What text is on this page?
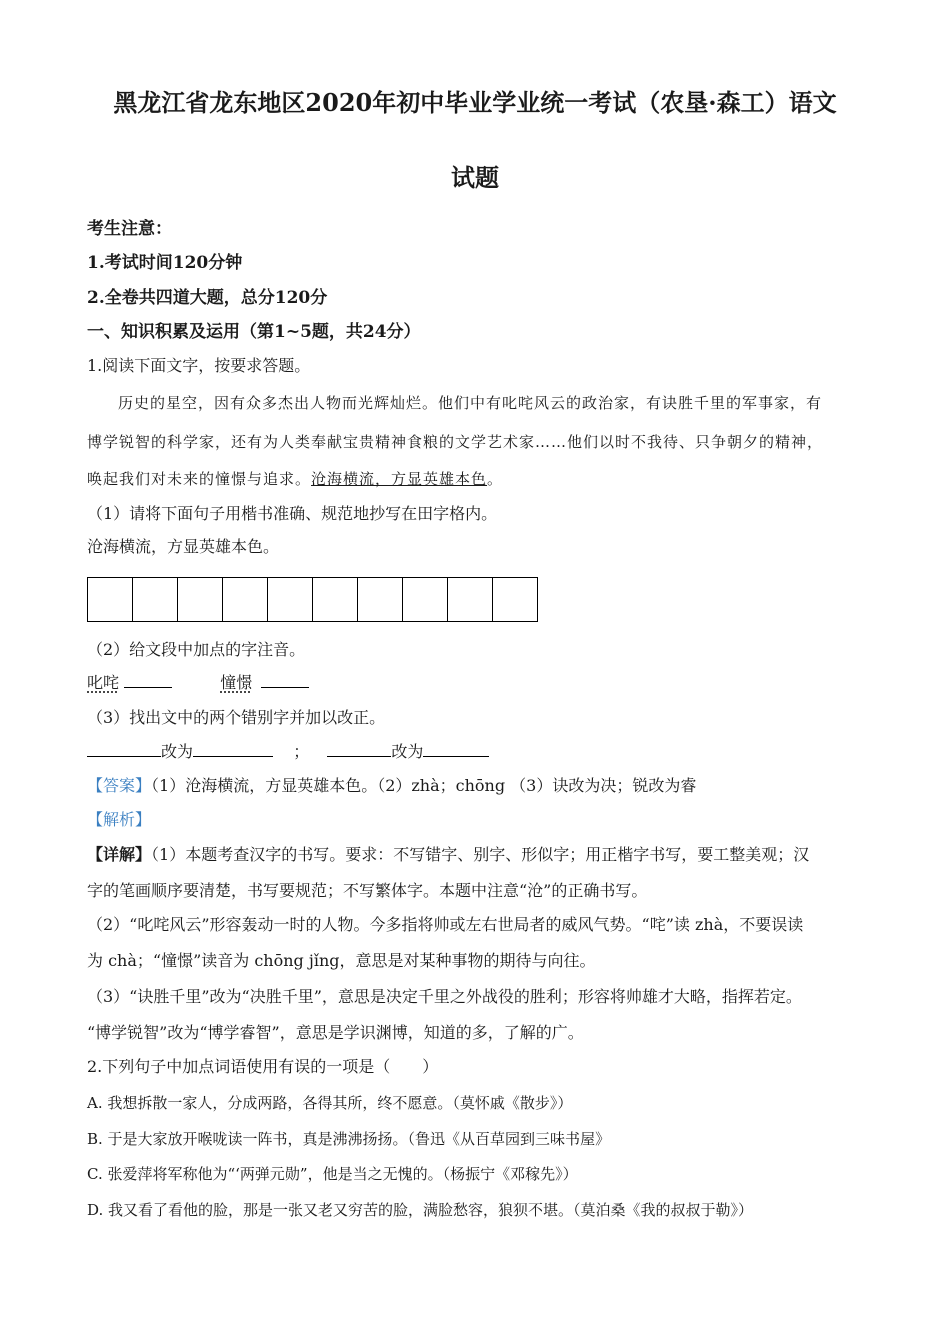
黑龙江省龙东地区2020年初中毕业学业统一考试（农垦·森工）语文
试题
考生注意：
1.考试时间120分钟
2.全卷共四道大题，总分120分
一、知识积累及运用（第1~5题，共24分）
1.阅读下面文字，按要求答题。
历史的星空，因有众多杰出人物而光辉灿烂。他们中有叱咤风云的政治家，有诀胜千里的军事家，有
博学锐智的科学家，还有为人类奉献宝贵精神食粮的文学艺术家……他们以时不我待、只争朝夕的精神，
唤起我们对未来的憧憬与追求。沧海横流，方显英雄本色。
（1）请将下面句子用楷书准确、规范地抄写在田字格内。
沧海横流，方显英雄本色。
（2）给文段中加点的字注音。
叱咤	憧憬
（3）找出文中的两个错别字并加以改正。
改为	；	改为
【答案】（1）沧海横流，方显英雄本色。（2）zhà；chōng （3）诀改为决；锐改为睿
【解析】
【详解】（1）本题考查汉字的书写。要求：不写错字、别字、形似字；用正楷字书写，要工整美观；汉
字的笔画顺序要清楚，书写要规范；不写繁体字。本题中注意“沧”的正确书写。
（2）“叱咤风云”形容轰动一时的人物。今多指将帅或左右世局者的威风气势。“咤”读 zhà，不要误读
为 chà；“憧憬”读音为 chōng jǐng，意思是对某种事物的期待与向往。
（3）“诀胜千里”改为“决胜千里”，意思是决定千里之外战役的胜利；形容将帅雄才大略，指挥若定。
“博学锐智”改为“博学睿智”，意思是学识渊博，知道的多，了解的广。
2.下列句子中加点词语使用有误的一项是（　　）
A. 我想拆散一家人，分成两路，各得其所，终不愿意。（莫怀戚《散步》）
B. 于是大家放开喉咙读一阵书，真是沸沸扬扬。（鲁迅《从百草园到三味书屋》
C. 张爱萍将军称他为“‘两弹元勋”，他是当之无愧的。（杨振宁《邓稼先》）
D. 我又看了看他的脸，那是一张又老又穷苦的脸，满脸愁容，狼狈不堪。（莫泊桑《我的叔叔于勒》）
